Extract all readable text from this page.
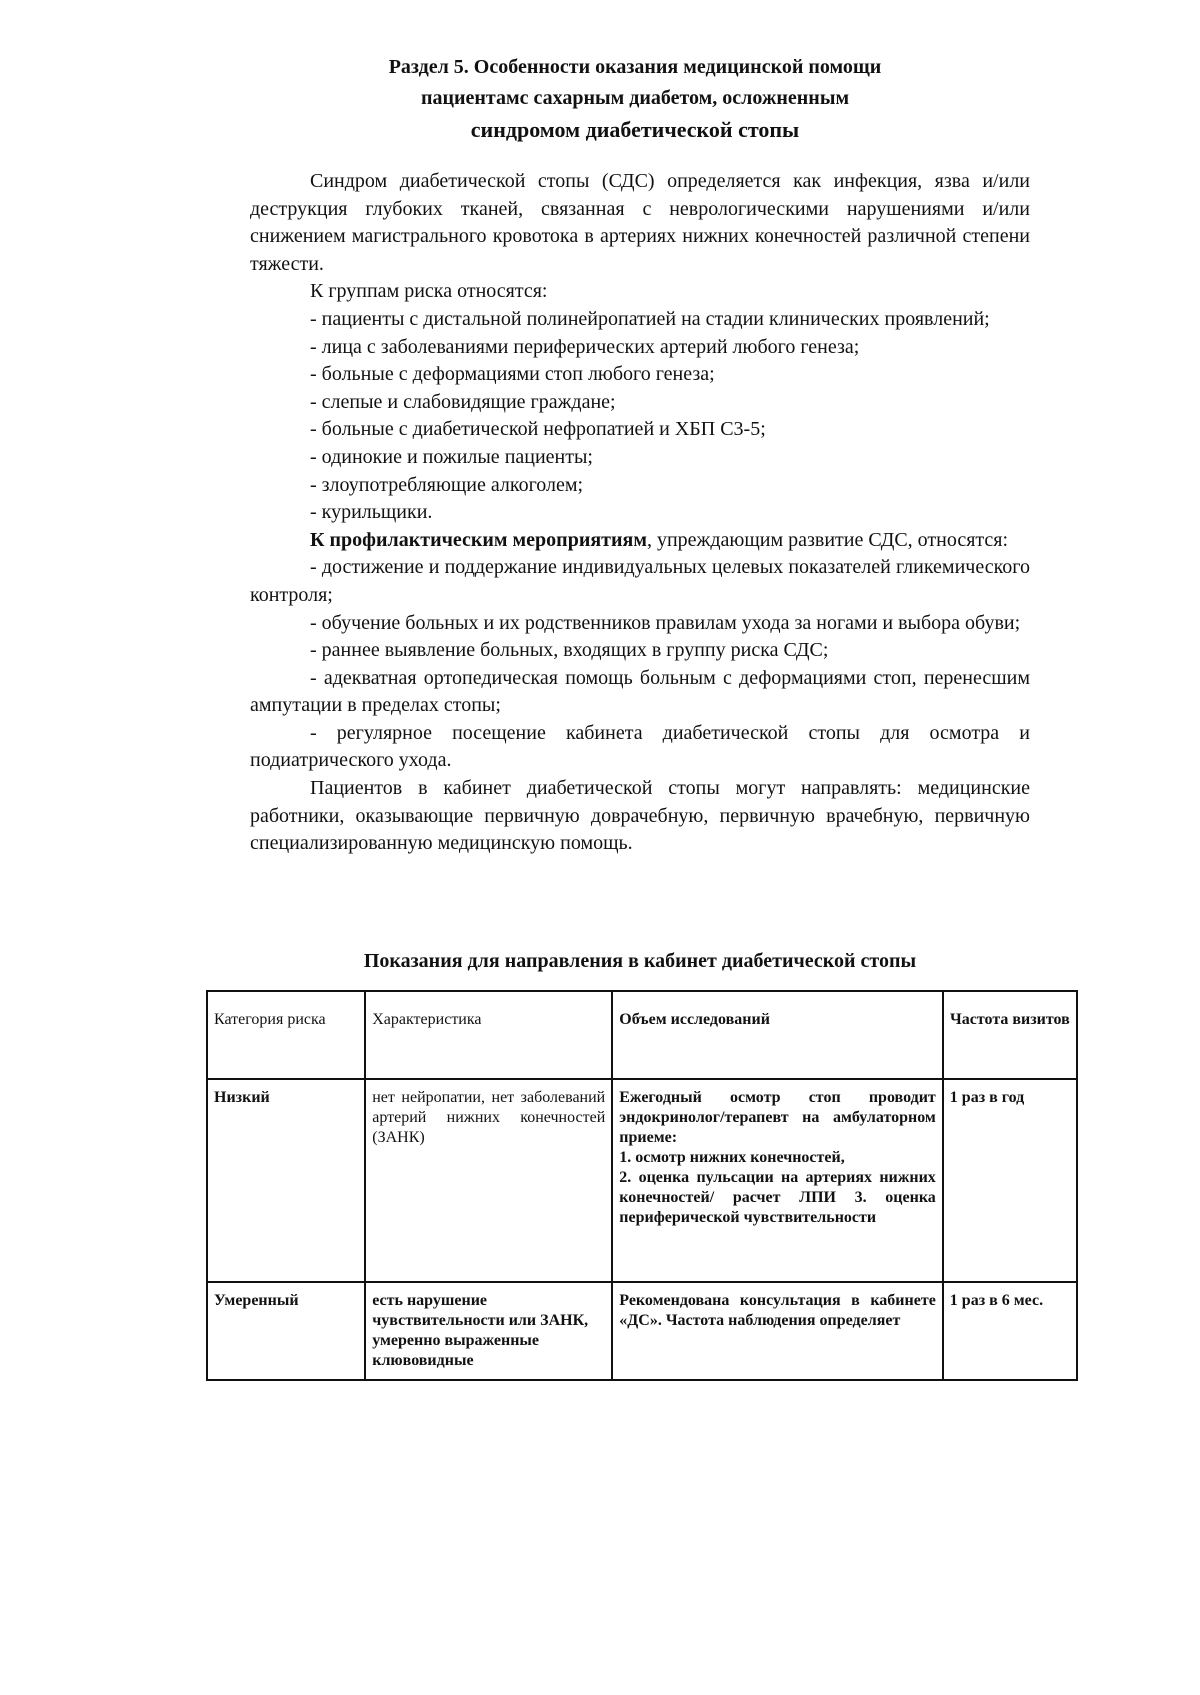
Раздел 5. Особенности оказания медицинской помощи
пациентамс сахарным диабетом, осложненным
синдромом диабетической стопы

Синдром диабетической стопы (СДС) определяется как инфекция, язва и/или деструкция глубоких тканей, связанная с неврологическими нарушениями и/или снижением магистрального кровотока в артериях нижних конечностей различной степени тяжести.

К группам риска относятся:

- пациенты с дистальной полинейропатией на стадии клинических проявлений;

- лица с заболеваниями периферических артерий любого генеза;

- больные с деформациями стоп любого генеза;

- слепые и слабовидящие граждане;

- больные с диабетической нефропатией и ХБП С3-5;

- одинокие и пожилые пациенты;

- злоупотребляющие алкоголем;

- курильщики.

К профилактическим мероприятиям, упреждающим развитие СДС, относятся:

- достижение и поддержание индивидуальных целевых показателей гликемического контроля;

- обучение больных и их родственников правилам ухода за ногами и выбора обуви;

- раннее выявление больных, входящих в группу риска СДС;

- адекватная ортопедическая помощь больным с деформациями стоп, перенесшим ампутации в пределах стопы;

- регулярное посещение кабинета диабетической стопы для осмотра и подиатрического ухода.

Пациентов в кабинет диабетической стопы могут направлять: медицинские работники, оказывающие первичную доврачебную, первичную врачебную, первичную специализированную медицинскую помощь.

Показания для направления в кабинет диабетической стопы
Категория риска	Характеристика	Объем исследований	Частота визитов
Низкий	нет нейропатии, нет заболеваний артерий нижних конечностей (ЗАНК)	Ежегодный осмотр стоп проводит эндокринолог/терапевт на амбулаторном приеме:
1. осмотр нижних конечностей,
2. оценка пульсации на артериях нижних конечностей/ расчет ЛПИ 3. оценка периферической чувствительности	1 раз в год
Умеренный	есть нарушение чувствительности или ЗАНК, умеренно выраженные клювовидные	Рекомендована консультация в кабинете «ДС». Частота наблюдения определяет	1 раз в 6 мес.
